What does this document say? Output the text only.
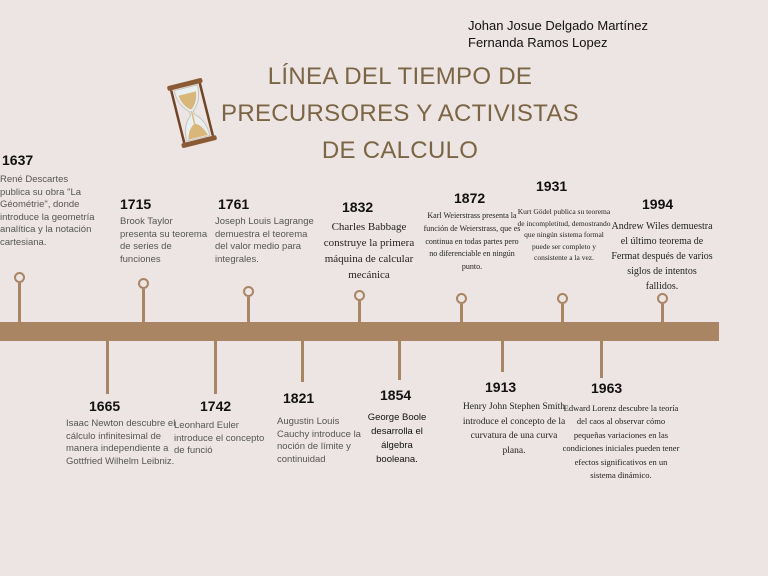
Johan Josue Delgado Martínez
Fernanda Ramos Lopez
LÍNEA DEL TIEMPO DE
PRECURSORES Y ACTIVISTAS
DE CALCULO
1637
René Descartes publica su obra "La Géométrie", donde introduce la geometría analítica y la notación cartesiana.
1715
Brook Taylor presenta su teorema de series de funciones
1761
Joseph Louis Lagrange demuestra el teorema del valor medio para integrales.
1832
Charles Babbage construye la primera máquina de calcular mecánica
1872
Karl Weierstrass presenta la función de Weierstrass, que es continua en todas partes pero no diferenciable en ningún punto.
1931
Kurt Gödel publica su teorema de incompletitud, demostrando que ningún sistema formal puede ser completo y consistente a la vez.
1994
Andrew Wiles demuestra el último teorema de Fermat después de varios siglos de intentos fallidos.
1665
Isaac Newton descubre el cálculo infinitesimal de manera independiente a Gottfried Wilhelm Leibniz.
1742
Leonhard Euler introduce el concepto de funció
1821
Augustin Louis Cauchy introduce la noción de límite y continuidad
1854
George Boole desarrolla el álgebra booleana.
1913
Henry John Stephen Smith introduce el concepto de la curvatura de una curva plana.
1963
Edward Lorenz descubre la teoría del caos al observar cómo pequeñas variaciones en las condiciones iniciales pueden tener efectos significativos en un sistema dinámico.
